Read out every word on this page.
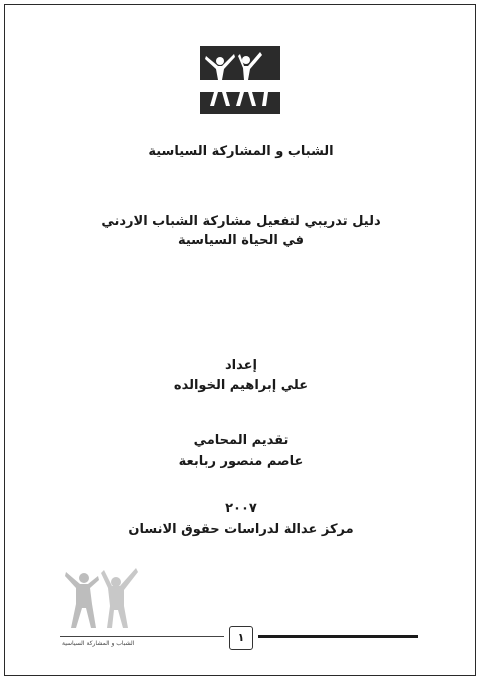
شــارك
الشباب و المشاركة السياسية
دليل تدريبي لتفعيل مشاركة الشباب الاردني
في الحياة السياسية
إعداد
علي إبراهيم الخوالده
تقديم المحامي
عاصم منصور ربابعة
٢٠٠٧
مركز عدالة لدراسات حقوق الانسان
١
الشباب و المشاركة السياسية
